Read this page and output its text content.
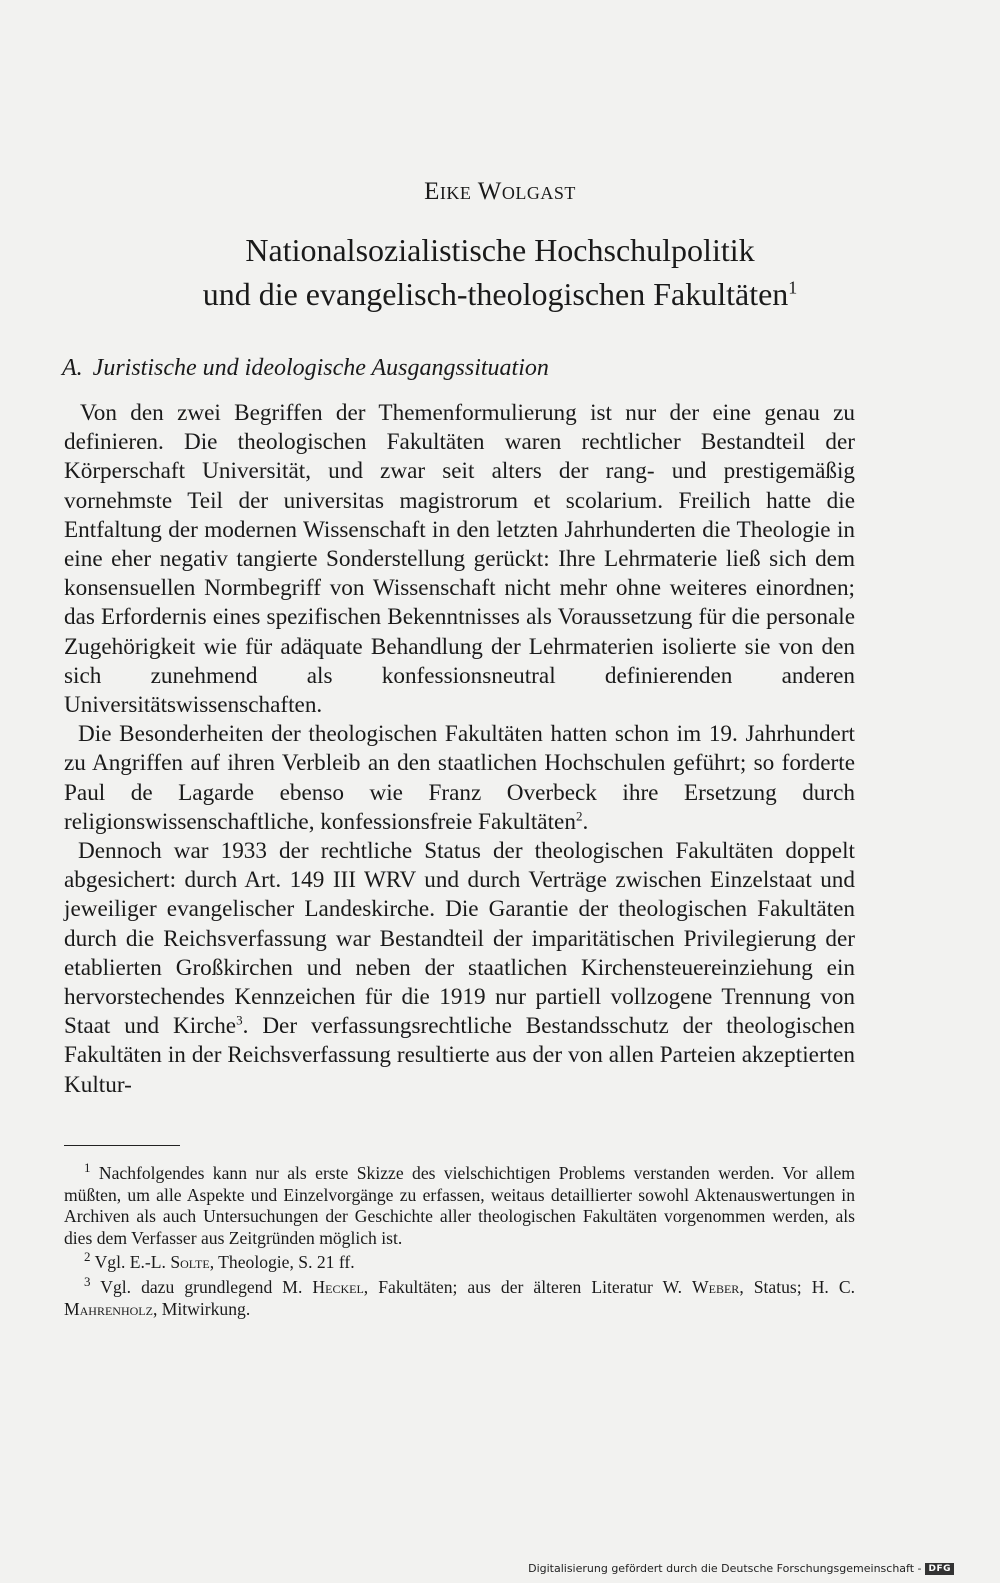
Eike Wolgast
Nationalsozialistische Hochschulpolitik
und die evangelisch-theologischen Fakultäten$^1$
A. Juristische und ideologische Ausgangssituation

Von den zwei Begriffen der Themenformulierung ist nur der eine genau zu definieren. Die theologischen Fakultäten waren rechtlicher Bestandteil der Körperschaft Universität, und zwar seit alters der rang- und prestigemäßig vornehmste Teil der universitas magistrorum et scolarium. Freilich hatte die Entfaltung der modernen Wissenschaft in den letzten Jahrhunderten die Theologie in eine eher negativ tangierte Sonderstellung gerückt: Ihre Lehrmaterie ließ sich dem konsensuellen Normbegriff von Wissenschaft nicht mehr ohne weiteres einordnen; das Erfordernis eines spezifischen Bekenntnisses als Voraussetzung für die personale Zugehörigkeit wie für adäquate Behandlung der Lehrmaterien isolierte sie von den sich zunehmend als konfessionsneutral definierenden anderen Universitätswissenschaften.

Die Besonderheiten der theologischen Fakultäten hatten schon im 19. Jahrhundert zu Angriffen auf ihren Verbleib an den staatlichen Hochschulen geführt; so forderte Paul de Lagarde ebenso wie Franz Overbeck ihre Ersetzung durch religionswissenschaftliche, konfessionsfreie Fakultäten$^2$.

Dennoch war 1933 der rechtliche Status der theologischen Fakultäten doppelt abgesichert: durch Art. 149 III WRV und durch Verträge zwischen Einzelstaat und jeweiliger evangelischer Landeskirche. Die Garantie der theologischen Fakultäten durch die Reichsverfassung war Bestandteil der imparitätischen Privilegierung der etablierten Großkirchen und neben der staatlichen Kirchensteuereinziehung ein hervorstechendes Kennzeichen für die 1919 nur partiell vollzogene Trennung von Staat und Kirche$^3$. Der verfassungsrechtliche Bestandsschutz der theologischen Fakultäten in der Reichsverfassung resultierte aus der von allen Parteien akzeptierten Kultur-

$^1$ Nachfolgendes kann nur als erste Skizze des vielschichtigen Problems verstanden werden. Vor allem müßten, um alle Aspekte und Einzelvorgänge zu erfassen, weitaus detaillierter sowohl Aktenauswertungen in Archiven als auch Untersuchungen der Geschichte aller theologischen Fakultäten vorgenommen werden, als dies dem Verfasser aus Zeitgründen möglich ist.

$^2$ Vgl. E.-L. Solte, Theologie, S. 21 ff.

$^3$ Vgl. dazu grundlegend M. Heckel, Fakultäten; aus der älteren Literatur W. Weber, Status; H. C. Mahrenholz, Mitwirkung.

Digitalisierung gefördert durch die Deutsche Forschungsgemeinschaft - DFG
